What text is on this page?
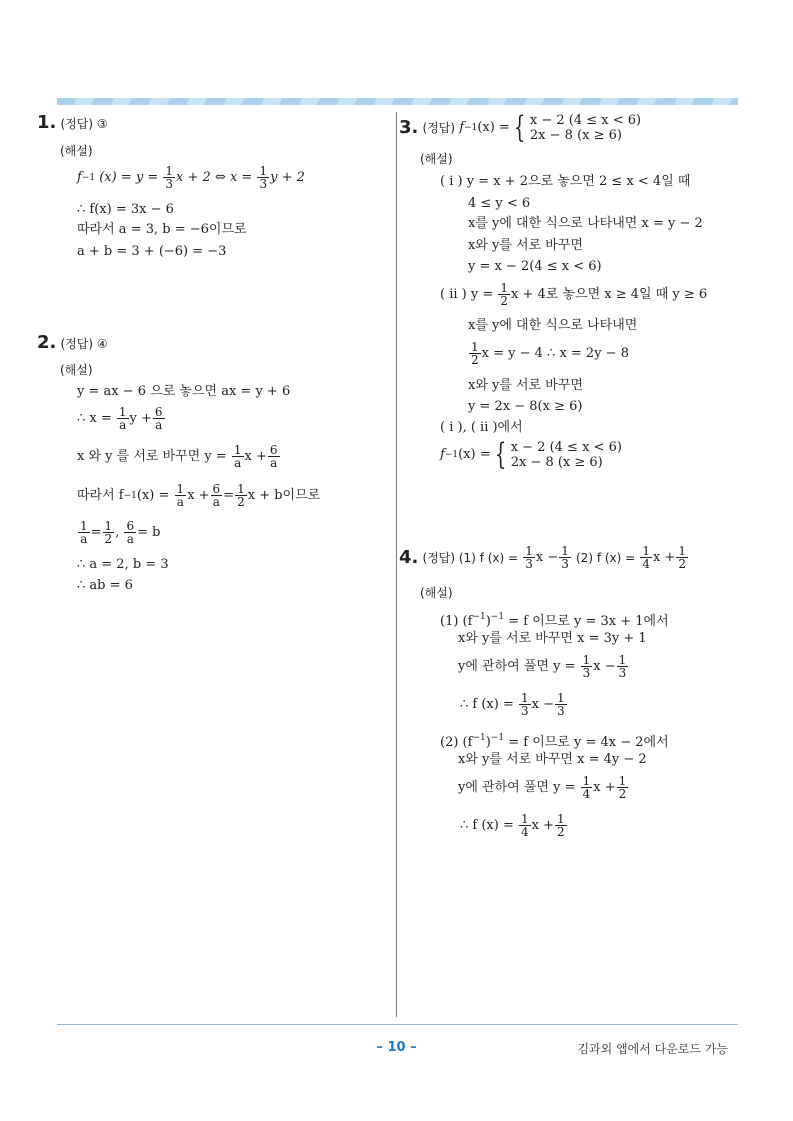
1. (정답) ③
(해설)
f −1
(x) = y =
$\frac{1}{3}$ x + 2 ⇔ x =
$\frac{1}{3}$ y + 2
∴ f(x) = 3x − 6
따라서 a = 3, b = −6이므로
a + b = 3 + (−6) = −3
2. (정답) ④
(해설)
y = ax − 6 으로 놓으면 ax = y + 6
∴ x =
$\frac{1}{a}$ $y + \frac{6}{a}$
x 와 y 를 서로 바꾸면 y =
$\frac{1}{a}$ $x + \frac{6}{a}$
따라서 f −1 (x) =
$\frac{1}{a}$ $x + \frac{6}{a} = \frac{1}{2}$ x + b이므로
$\frac{1}{a} = \frac{1}{2}$ ,
$\frac{6}{a} = b$
∴ a = 2, b = 3
∴ ab = 6
3.
(정답)
f −1 (x) = { x − 2 (4 ≤ x < 6)
2x − 8 (x ≥ 6)
(해설)
( i ) y = x + 2으로 놓으면 2 ≤ x < 4일 때
4 ≤ y < 6
x를 y에 대한 식으로 나타내면 x = y − 2
x와 y를 서로 바꾸면
y = x − 2(4 ≤ x < 6)
( ii ) y =
$\frac{1}{2}$ x + 4로 놓으면 x ≥ 4일 때 y ≥ 6
x를 y에 대한 식으로 나타내면
$\frac{1}{2}$ x = y − 4 ∴ x = 2y − 8
x와 y를 서로 바꾸면
y = 2x − 8(x ≥ 6)
( i ), ( ii )에서
f −1 (x) = { x − 2 (4 ≤ x < 6)
2x − 8 (x ≥ 6)
4.
(정답) (1) f (x) =
$\frac{1}{3}$ $x - \frac{1}{3}$
(2) f (x) =
$\frac{1}{4}$ $x + \frac{1}{2}$
(해설)
(1) $(f^{-1})^{-1} = f$ 이므로 y = 3x + 1에서
x와 y를 서로 바꾸면 x = 3y + 1
y에 관하여 풀면 y =
$\frac{1}{3}$ $x - \frac{1}{3}$
∴ f (x) =
$\frac{1}{3}$ $x - \frac{1}{3}$
(2) $(f^{-1})^{-1} = f$ 이므로 y = 4x − 2에서
x와 y를 서로 바꾸면 x = 4y − 2
y에 관하여 풀면 y =
$\frac{1}{4}$ $x + \frac{1}{2}$
∴ f (x) =
$\frac{1}{4}$ $x + \frac{1}{2}$
– 10 –	김과외 앱에서 다운로드 가능
